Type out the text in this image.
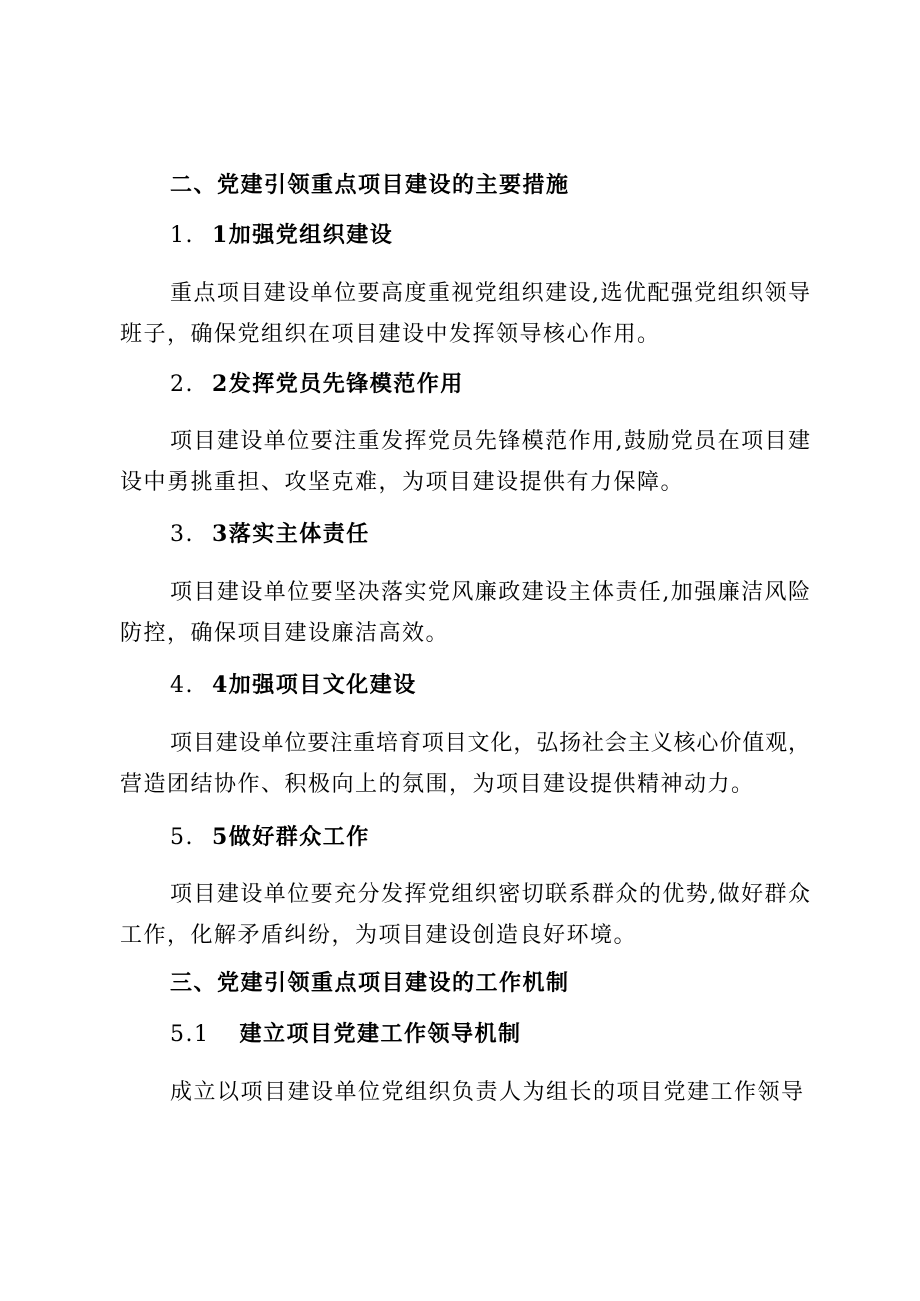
二、党建引领重点项目建设的主要措施
1. 1加强党组织建设
重点项目建设单位要高度重视党组织建设,选优配强党组织领导
班子，确保党组织在项目建设中发挥领导核心作用。
2. 2发挥党员先锋模范作用
项目建设单位要注重发挥党员先锋模范作用,鼓励党员在项目建
设中勇挑重担、攻坚克难，为项目建设提供有力保障。
3. 3落实主体责任
项目建设单位要坚决落实党风廉政建设主体责任,加强廉洁风险
防控，确保项目建设廉洁高效。
4. 4加强项目文化建设
项目建设单位要注重培育项目文化，弘扬社会主义核心价值观，
营造团结协作、积极向上的氛围，为项目建设提供精神动力。
5. 5做好群众工作
项目建设单位要充分发挥党组织密切联系群众的优势,做好群众
工作，化解矛盾纠纷，为项目建设创造良好环境。
三、党建引领重点项目建设的工作机制
5.1 建立项目党建工作领导机制
成立以项目建设单位党组织负责人为组长的项目党建工作领导
